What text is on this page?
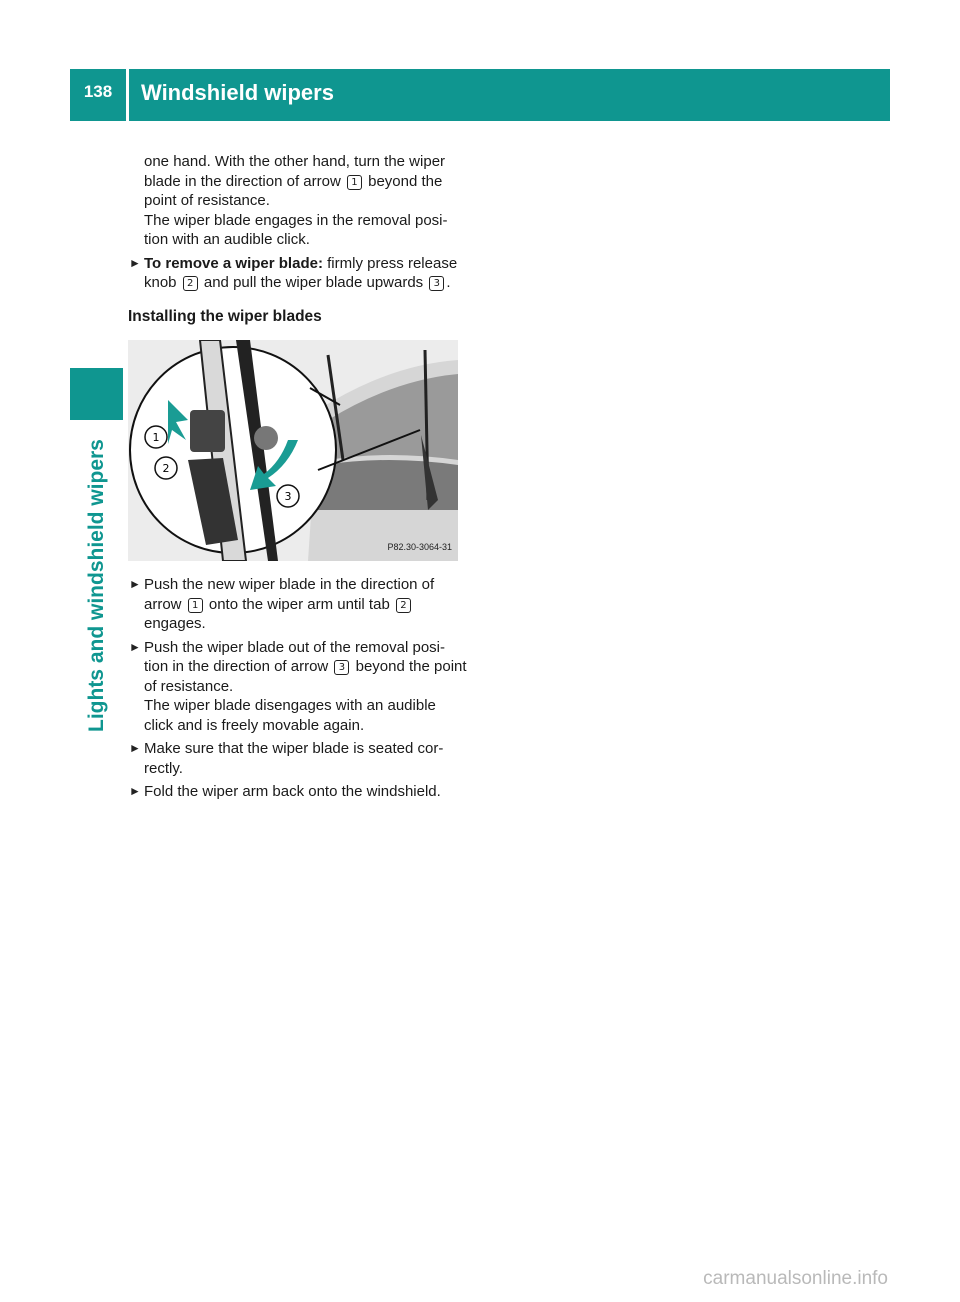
138	Windshield wipers
Lights and windshield wipers

one hand. With the other hand, turn the wiper blade in the direction of arrow 1 beyond the point of resistance.
The wiper blade engages in the removal posi-tion with an audible click.

► To remove a wiper blade: firmly press release knob 2 and pull the wiper blade upwards 3 .
Installing the wiper blades
1
2
3
P82.30-3064-31
► Push the new wiper blade in the direction of arrow 1 onto the wiper arm until tab 2 engages.
► Push the wiper blade out of the removal posi-tion in the direction of arrow 3 beyond the point of resistance.
The wiper blade disengages with an audible click and is freely movable again.
► Make sure that the wiper blade is seated cor-rectly.
► Fold the wiper arm back onto the windshield.
carmanualsonline.info
